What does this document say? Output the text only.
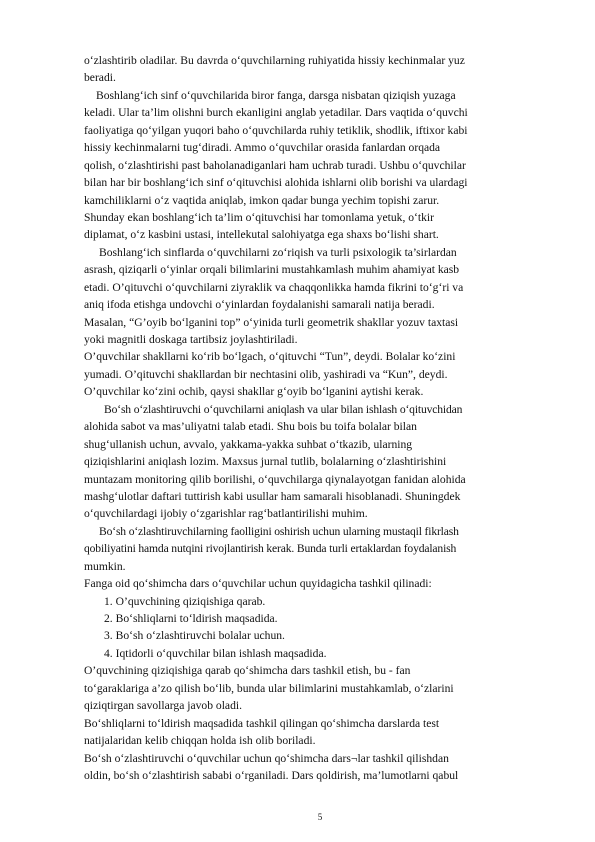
o‘zlashtirib oladilar. Bu davrda o‘quvchilarning ruhiyatida hissiy kechinmalar yuz
beradi.
Boshlang‘ich sinf o‘quvchilarida biror fanga, darsga nisbatan qiziqish yuzaga
keladi. Ular ta’lim olishni burch ekanligini anglab yetadilar. Dars vaqtida o‘quvchi
faoliyatiga qo‘yilgan yuqori baho o‘quvchilarda ruhiy tetiklik, shodlik, iftixor kabi
hissiy kechinmalarni tug‘diradi. Ammo o‘quvchilar orasida fanlardan orqada
qolish, o‘zlashtirishi past baholanadiganlari ham uchrab turadi. Ushbu o‘quvchilar
bilan har bir boshlang‘ich sinf o‘qituvchisi alohida ishlarni olib borishi va ulardagi
kamchiliklarni o‘z vaqtida aniqlab, imkon qadar bunga yechim topishi zarur.
Shunday ekan boshlang‘ich ta’lim o‘qituvchisi har tomonlama yetuk, o‘tkir
diplamat, o‘z kasbini ustasi, intellekutal salohiyatga ega shaxs bo‘lishi shart.
Boshlang‘ich sinflarda o‘quvchilarni zo‘riqish va turli psixologik ta’sirlardan
asrash, qiziqarli o‘yinlar orqali bilimlarini mustahkamlash muhim ahamiyat kasb
etadi. O’qituvchi o‘quvchilarni ziyraklik va chaqqonlikka hamda fikrini to‘g‘ri va
aniq ifoda etishga undovchi o‘yinlardan foydalanishi samarali natija beradi.
Masalan, “G’oyib bo‘lganini top” o‘yinida turli geometrik shakllar yozuv taxtasi
yoki magnitli doskaga tartibsiz joylashtiriladi.
O’quvchilar shakllarni ko‘rib bo‘lgach, o‘qituvchi “Tun”, deydi. Bolalar ko‘zini
yumadi. O’qituvchi shakllardan bir nechtasini olib, yashiradi va “Kun”, deydi.
O’quvchilar ko‘zini ochib, qaysi shakllar g‘oyib bo‘lganini aytishi kerak.
Bo‘sh o‘zlashtiruvchi o‘quvchilarni aniqlash va ular bilan ishlash o‘qituvchidan
alohida sabot va mas’uliyatni talab etadi. Shu bois bu toifa bolalar bilan
shug‘ullanish uchun, avvalo, yakkama-yakka suhbat o‘tkazib, ularning
qiziqishlarini aniqlash lozim. Maxsus jurnal tutlib, bolalarning o‘zlashtirishini
muntazam monitoring qilib borilishi, o‘quvchilarga qiynalayotgan fanidan alohida
mashg‘ulotlar daftari tuttirish kabi usullar ham samarali hisoblanadi. Shuningdek
o‘quvchilardagi ijobiy o‘zgarishlar rag‘batlantirilishi muhim.
Bo‘sh o‘zlashtiruvchilarning faolligini oshirish uchun ularning mustaqil fikrlash
qobiliyatini hamda nutqini rivojlantirish kerak. Bunda turli ertaklardan foydalanish
mumkin.
Fanga oid qo‘shimcha dars o‘quvchilar uchun quyidagicha tashkil qilinadi:
1. O’quvchining qiziqishiga qarab.
2. Bo‘shliqlarni to‘ldirish maqsadida.
3. Bo‘sh o‘zlashtiruvchi bolalar uchun.
4. Iqtidorli o‘quvchilar bilan ishlash maqsadida.
O’quvchining qiziqishiga qarab qo‘shimcha dars tashkil etish, bu - fan
to‘garaklariga a’zo qilish bo‘lib, bunda ular bilimlarini mustahkamlab, o‘zlarini
qiziqtirgan savollarga javob oladi.
Bo‘shliqlarni to‘ldirish maqsadida tashkil qilingan qo‘shimcha darslarda test
natijalaridan kelib chiqqan holda ish olib boriladi.
Bo‘sh o‘zlashtiruvchi o‘quvchilar uchun qo‘shimcha dars¬lar tashkil qilishdan
oldin, bo‘sh o‘zlashtirish sababi o‘rganiladi. Dars qoldirish, ma’lumotlarni qabul
5
